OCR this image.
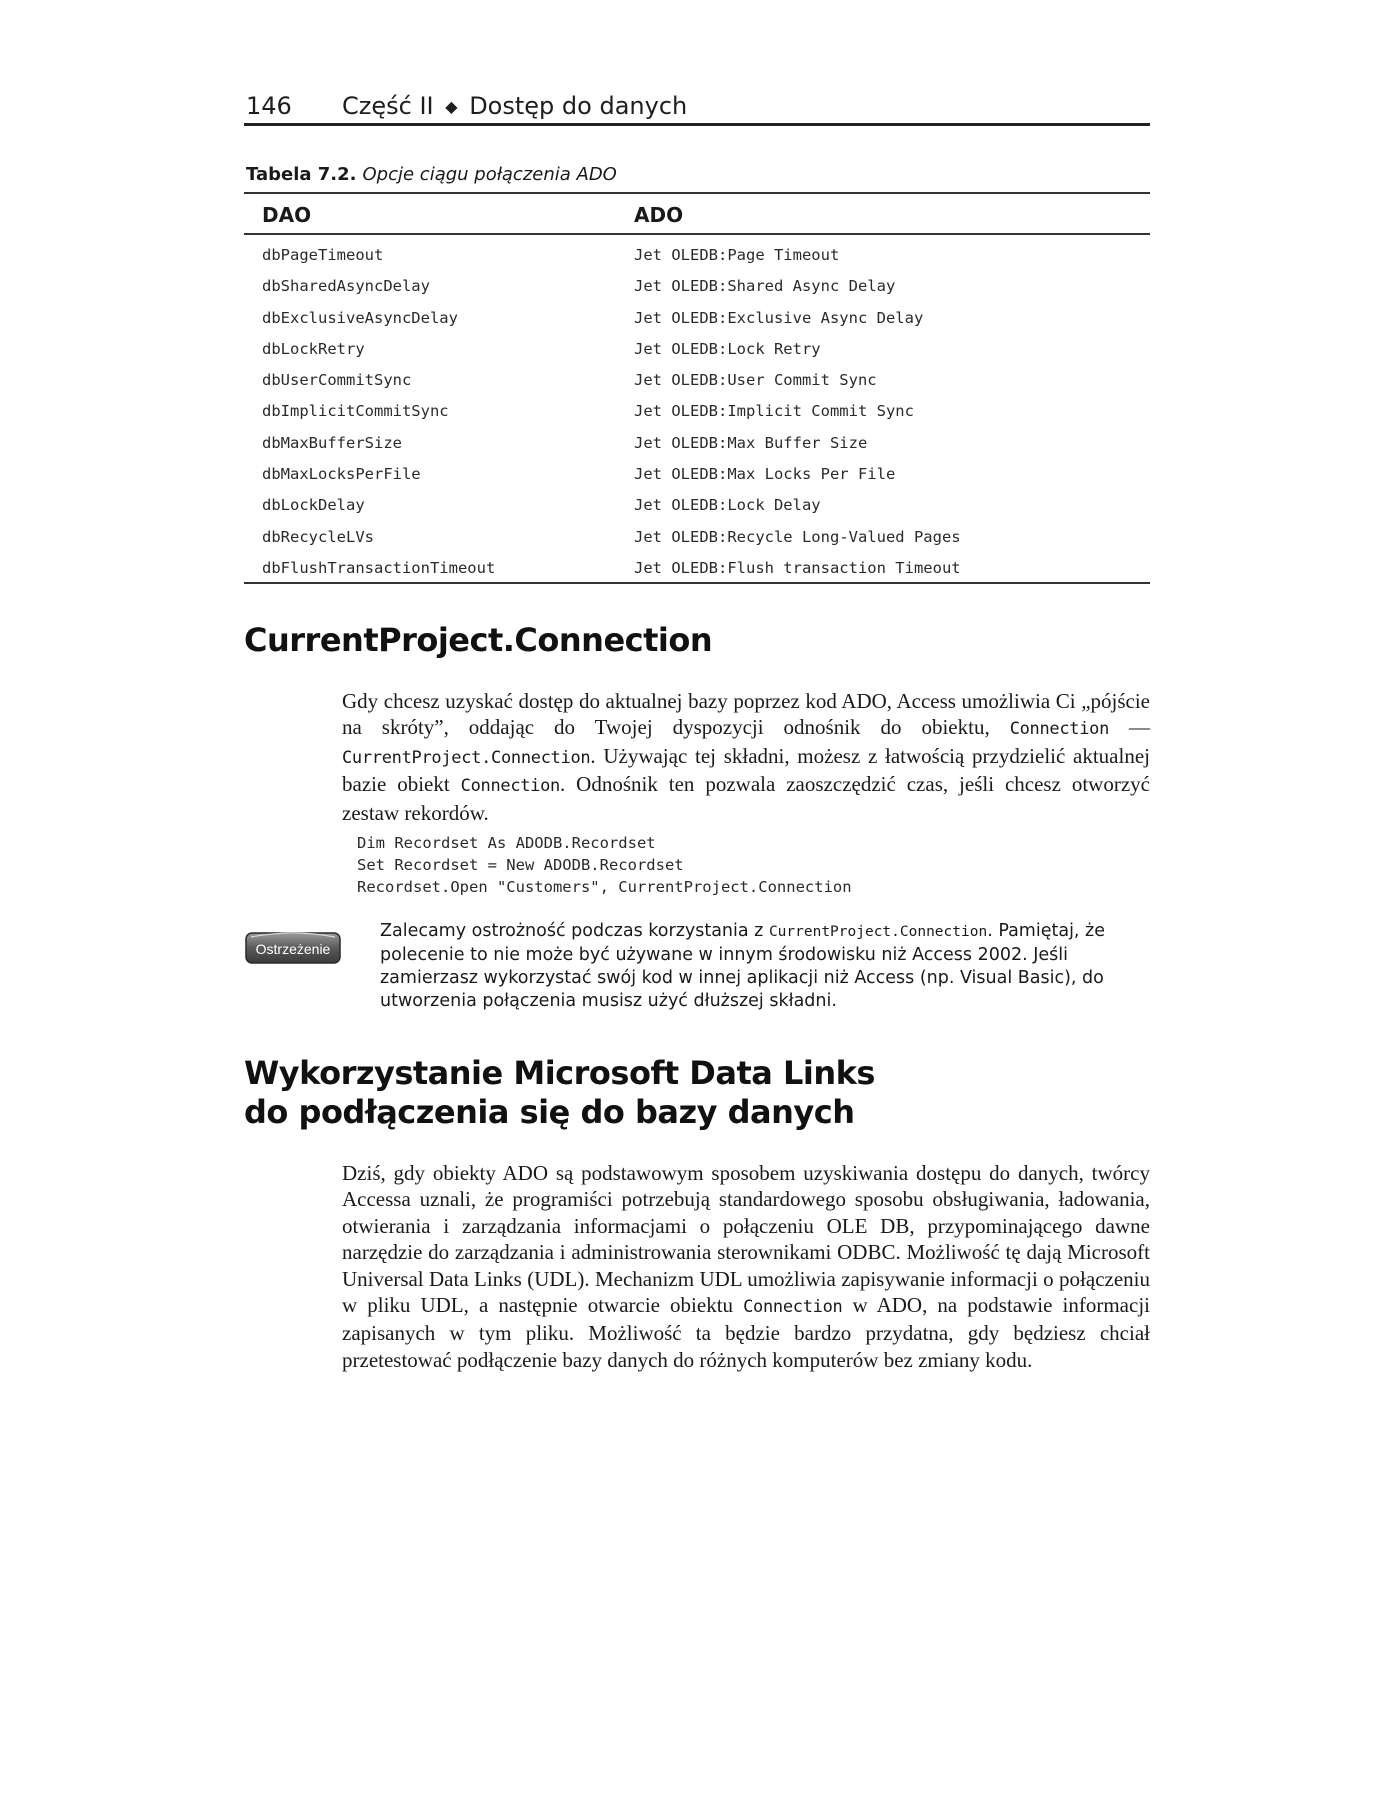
146 Część II ◆ Dostęp do danych
Tabela 7.2. Opcje ciągu połączenia ADO
DAO	ADO
dbPageTimeout	Jet OLEDB:Page Timeout
dbSharedAsyncDelay	Jet OLEDB:Shared Async Delay
dbExclusiveAsyncDelay	Jet OLEDB:Exclusive Async Delay
dbLockRetry	Jet OLEDB:Lock Retry
dbUserCommitSync	Jet OLEDB:User Commit Sync
dbImplicitCommitSync	Jet OLEDB:Implicit Commit Sync
dbMaxBufferSize	Jet OLEDB:Max Buffer Size
dbMaxLocksPerFile	Jet OLEDB:Max Locks Per File
dbLockDelay	Jet OLEDB:Lock Delay
dbRecycleLVs	Jet OLEDB:Recycle Long-Valued Pages
dbFlushTransactionTimeout	Jet OLEDB:Flush transaction Timeout
CurrentProject.Connection
Gdy chcesz uzyskać dostęp do aktualnej bazy poprzez kod ADO, Access umożliwia Ci „pójście na skróty”, oddając do Twojej dyspozycji odnośnik do obiektu, Connection — CurrentProject.Connection. Używając tej składni, możesz z łatwością przydzielić aktualnej bazie obiekt Connection. Odnośnik ten pozwala zaoszczędzić czas, jeśli chcesz otworzyć zestaw rekordów.
Dim Recordset As ADODB.Recordset
Set Recordset = New ADODB.Recordset
Recordset.Open "Customers", CurrentProject.Connection
Ostrzeżenie
Zalecamy ostrożność podczas korzystania z CurrentProject.Connection. Pamiętaj, że polecenie to nie może być używane w innym środowisku niż Access 2002. Jeśli zamierzasz wykorzystać swój kod w innej aplikacji niż Access (np. Visual Basic), do utworzenia połączenia musisz użyć dłuższej składni.
Wykorzystanie Microsoft Data Links
do podłączenia się do bazy danych
Dziś, gdy obiekty ADO są podstawowym sposobem uzyskiwania dostępu do danych, twórcy Accessa uznali, że programiści potrzebują standardowego sposobu obsługiwania, ładowania, otwierania i zarządzania informacjami o połączeniu OLE DB, przypominającego dawne narzędzie do zarządzania i administrowania sterownikami ODBC. Możliwość tę dają Microsoft Universal Data Links (UDL). Mechanizm UDL umożliwia zapisywanie informacji o połączeniu w pliku UDL, a następnie otwarcie obiektu Connection w ADO, na podstawie informacji zapisanych w tym pliku. Możliwość ta będzie bardzo przydatna, gdy będziesz chciał przetestować podłączenie bazy danych do różnych komputerów bez zmiany kodu.
